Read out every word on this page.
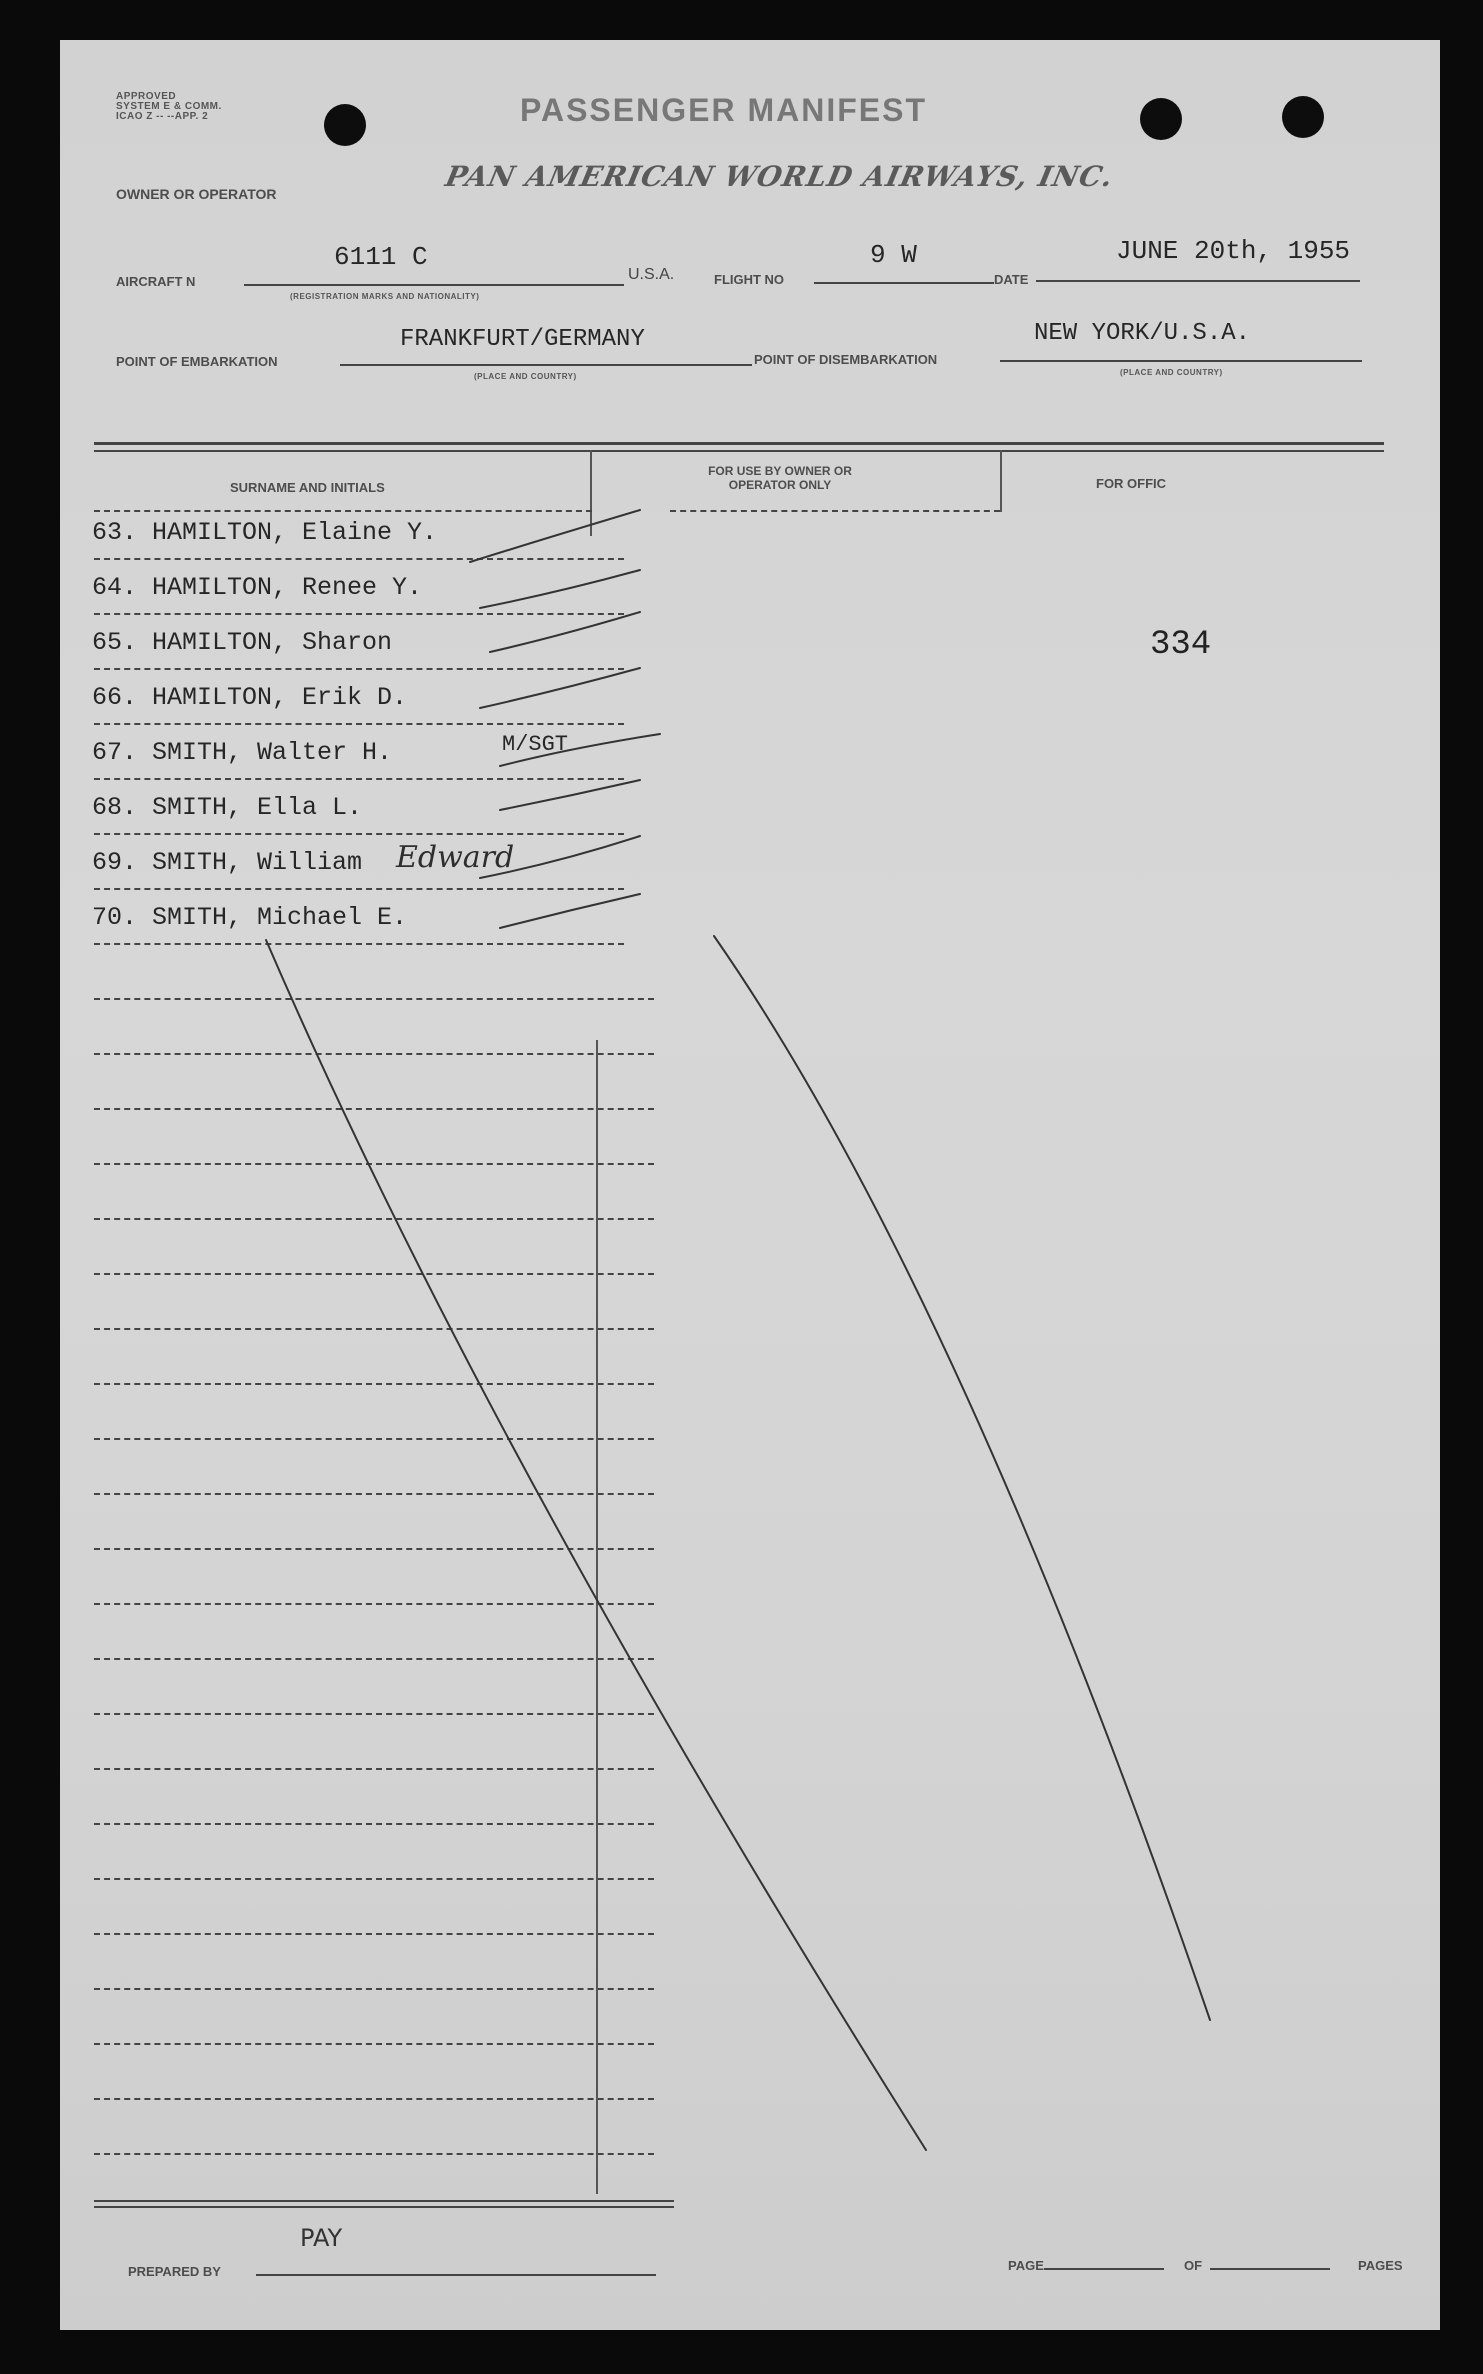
APPROVED
SYSTEM E & COMM.
ICAO Z -- --APP. 2	PASSENGER MANIFEST
OWNER OR OPERATOR
PAN AMERICAN WORLD AIRWAYS, INC.
AIRCRAFT N
6111 C
(REGISTRATION MARKS AND NATIONALITY)
U.S.A.	FLIGHT NO
9 W
DATE
JUNE 20th, 1955
POINT OF EMBARKATION
FRANKFURT/GERMANY
(PLACE AND COUNTRY)
POINT OF DISEMBARKATION
NEW YORK/U.S.A.
(PLACE AND COUNTRY)
SURNAME AND INITIALS
FOR USE BY OWNER OR OPERATOR ONLY	FOR OFFIC
63. HAMILTON, Elaine Y.
64. HAMILTON, Renee Y.
65. HAMILTON, Sharon
66. HAMILTON, Erik D.
67. SMITH, Walter H.	M/SGT
68. SMITH, Ella L.
69. SMITH, William Edward
70. SMITH, Michael E.
334
PAY
PREPARED BY	PAGE	OF	PAGES
